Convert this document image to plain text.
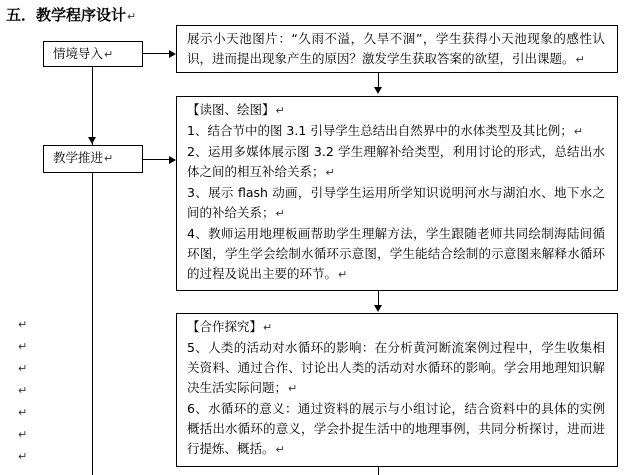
五．教学程序设计↵
情境导入↵
教学推进↵

展示小天池图片：“久雨不溢，久旱不涸”，学生获得小天池现象的感性认识，进而提出现象产生的原因？激发学生获取答案的欲望，引出课题。↵

【读图、绘图】↵

1、结合节中的图 3.1 引导学生总结出自然界中的水体类型及其比例；↵

2、运用多媒体展示图 3.2 学生理解补给类型，利用讨论的形式，总结出水体之间的相互补给关系；↵

3、展示 flash 动画，引导学生运用所学知识说明河水与湖泊水、地下水之间的补给关系；↵

4、教师运用地理板画帮助学生理解方法，学生跟随老师共同绘制海陆间循环图，学生学会绘制水循环示意图，学生能结合绘制的示意图来解释水循环的过程及说出主要的环节。↵

【合作探究】↵

5、人类的活动对水循环的影响：在分析黄河断流案例过程中，学生收集相关资料、通过合作、讨论出人类的活动对水循环的影响。学会用地理知识解决生活实际问题；↵

6、水循环的意义：通过资料的展示与小组讨论，结合资料中的具体的实例概括出水循环的意义，学会扑捉生活中的地理事例，共同分析探讨，进而进行提炼、概括。↵

↵
↵
↵
↵
↵
↵
↵
